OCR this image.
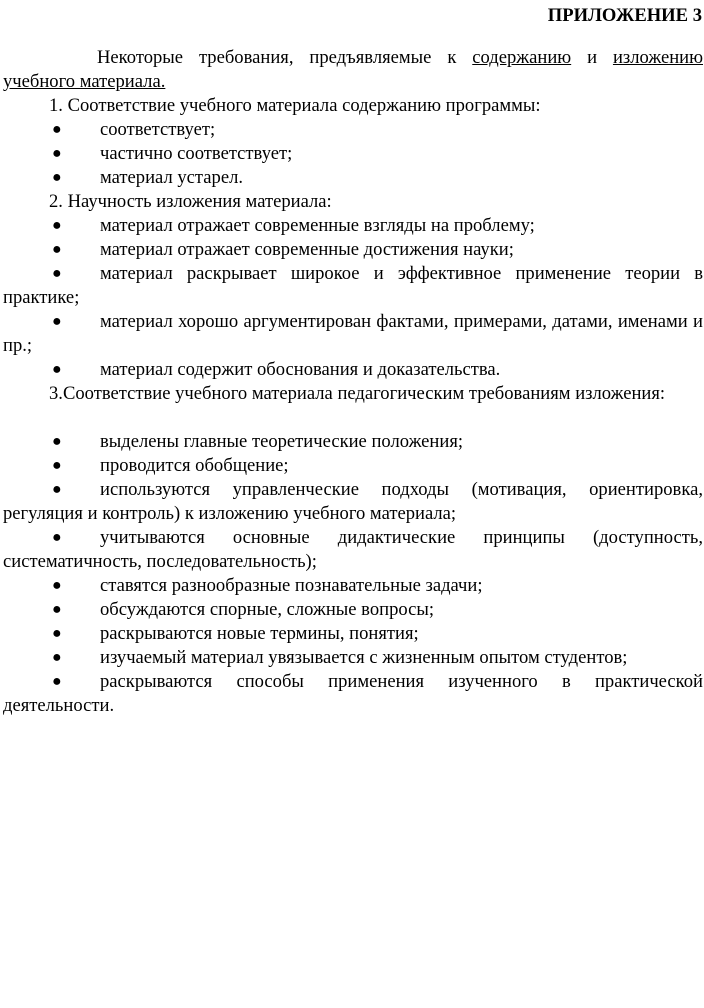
ПРИЛОЖЕНИЕ 3
Некоторые требования, предъявляемые к содержанию и изложению учебного материала.
1. Соответствие учебного материала содержанию программы:
●	соответствует;
●	частично соответствует;
●	материал устарел.
2. Научность изложения материала:
●	материал отражает современные взгляды на проблему;
●	материал отражает современные достижения науки;
●	материал раскрывает широкое и эффективное применение теории в практике;
●	материал хорошо аргументирован фактами, примерами, датами, именами и пр.;
●	материал содержит обоснования и доказательства.
3.Соответствие учебного материала педагогическим требованиям изложения:
●	выделены главные теоретические положения;
●	проводится обобщение;
●	используются управленческие подходы (мотивация, ориентировка, регуляция и контроль) к изложению учебного материала;
●	учитываются основные дидактические принципы (доступность, систематичность, последовательность);
●	ставятся разнообразные познавательные задачи;
●	обсуждаются спорные, сложные вопросы;
●	раскрываются новые термины, понятия;
●	изучаемый материал увязывается с жизненным опытом студентов;
●	раскрываются способы применения изученного в практической деятельности.
